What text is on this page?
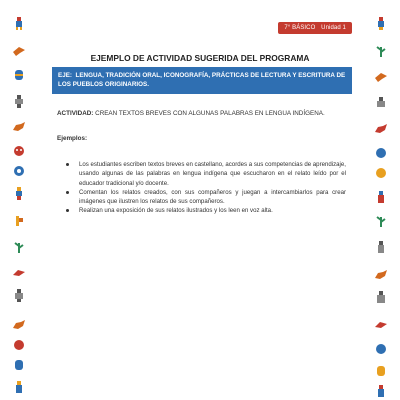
7° BÁSICO Unidad 1
EJEMPLO DE ACTIVIDAD SUGERIDA DEL PROGRAMA
EJE: LENGUA, TRADICIÓN ORAL, ICONOGRAFÍA, PRÁCTICAS DE LECTURA Y ESCRITURA DE LOS PUEBLOS ORIGINARIOS.
ACTIVIDAD: CREAN TEXTOS BREVES CON ALGUNAS PALABRAS EN LENGUA INDÍGENA.
Ejemplos:
Los estudiantes escriben textos breves en castellano, acordes a sus competencias de aprendizaje, usando algunas de las palabras en lengua indígena que escucharon en el relato leído por el educador tradicional y/o docente.
Comentan los relatos creados, con sus compañeros y juegan a intercambiarlos para crear imágenes que ilustren los relatos de sus compañeros.
Realizan una exposición de sus relatos ilustrados y los leen en voz alta.
